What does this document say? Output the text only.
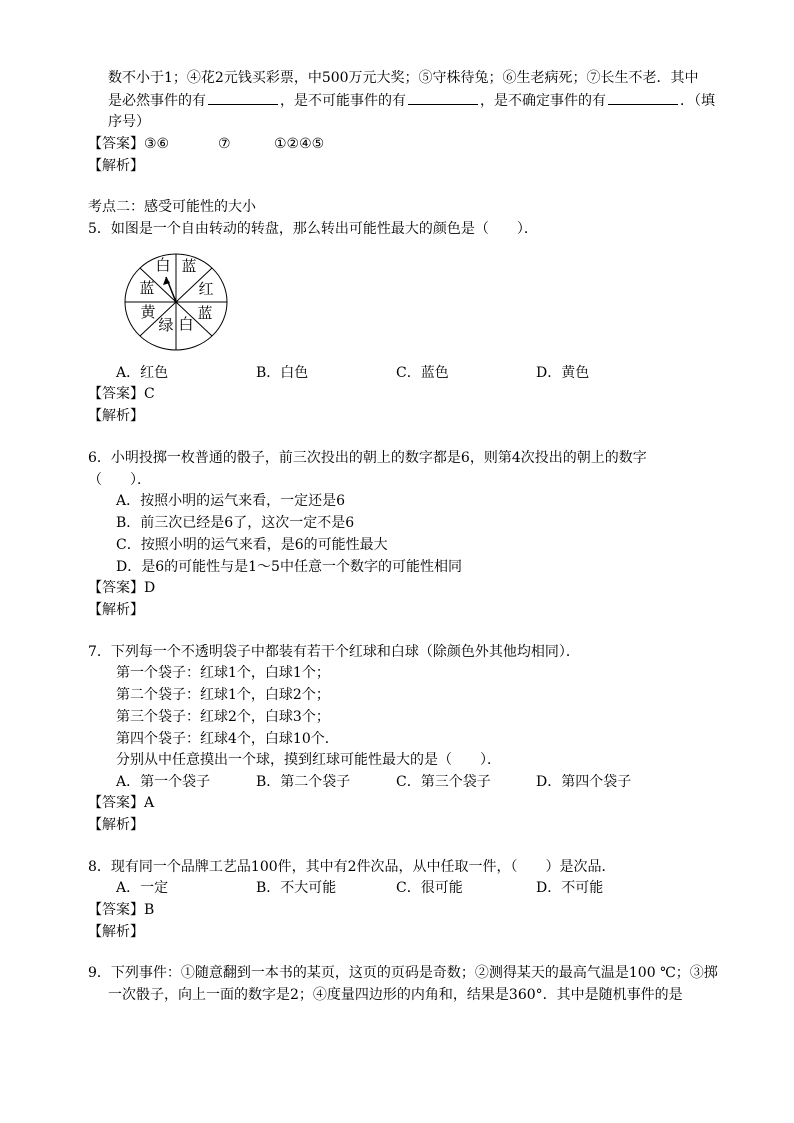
数不小于1；④花2元钱买彩票，中500万元大奖；⑤守株待兔；⑥生老病死；⑦长生不老．其中
是必然事件的有	，是不可能事件的有	，是不确定事件的有	．（填
序号）
【答案】③⑥	⑦	①②④⑤
【解析】
考点二：感受可能性的大小
5．如图是一个自由转动的转盘，那么转出可能性最大的颜色是（　　）．
蓝
红
蓝
白
绿
黄
蓝
白
A．红色	B．白色	C．蓝色	D．黄色
【答案】C
【解析】
6．小明投掷一枚普通的骰子，前三次投出的朝上的数字都是6，则第4次投出的朝上的数字
（　　）．
A．按照小明的运气来看，一定还是6
B．前三次已经是6了，这次一定不是6
C．按照小明的运气来看，是6的可能性最大
D．是6的可能性与是1～5中任意一个数字的可能性相同
【答案】D
【解析】
7．下列每一个不透明袋子中都装有若干个红球和白球（除颜色外其他均相同）．
第一个袋子：红球1个，白球1个；
第二个袋子：红球1个，白球2个；
第三个袋子：红球2个，白球3个；
第四个袋子：红球4个，白球10个．
分别从中任意摸出一个球，摸到红球可能性最大的是（　　）．
A．第一个袋子	B．第二个袋子	C．第三个袋子	D．第四个袋子
【答案】A
【解析】
8．现有同一个品牌工艺品100件，其中有2件次品，从中任取一件，（　　）是次品．
A．一定	B．不大可能	C．很可能	D．不可能
【答案】B
【解析】
9．下列事件：①随意翻到一本书的某页，这页的页码是奇数；②测得某天的最高气温是100 ℃；③掷
一次骰子，向上一面的数字是2；④度量四边形的内角和，结果是360°．其中是随机事件的是
